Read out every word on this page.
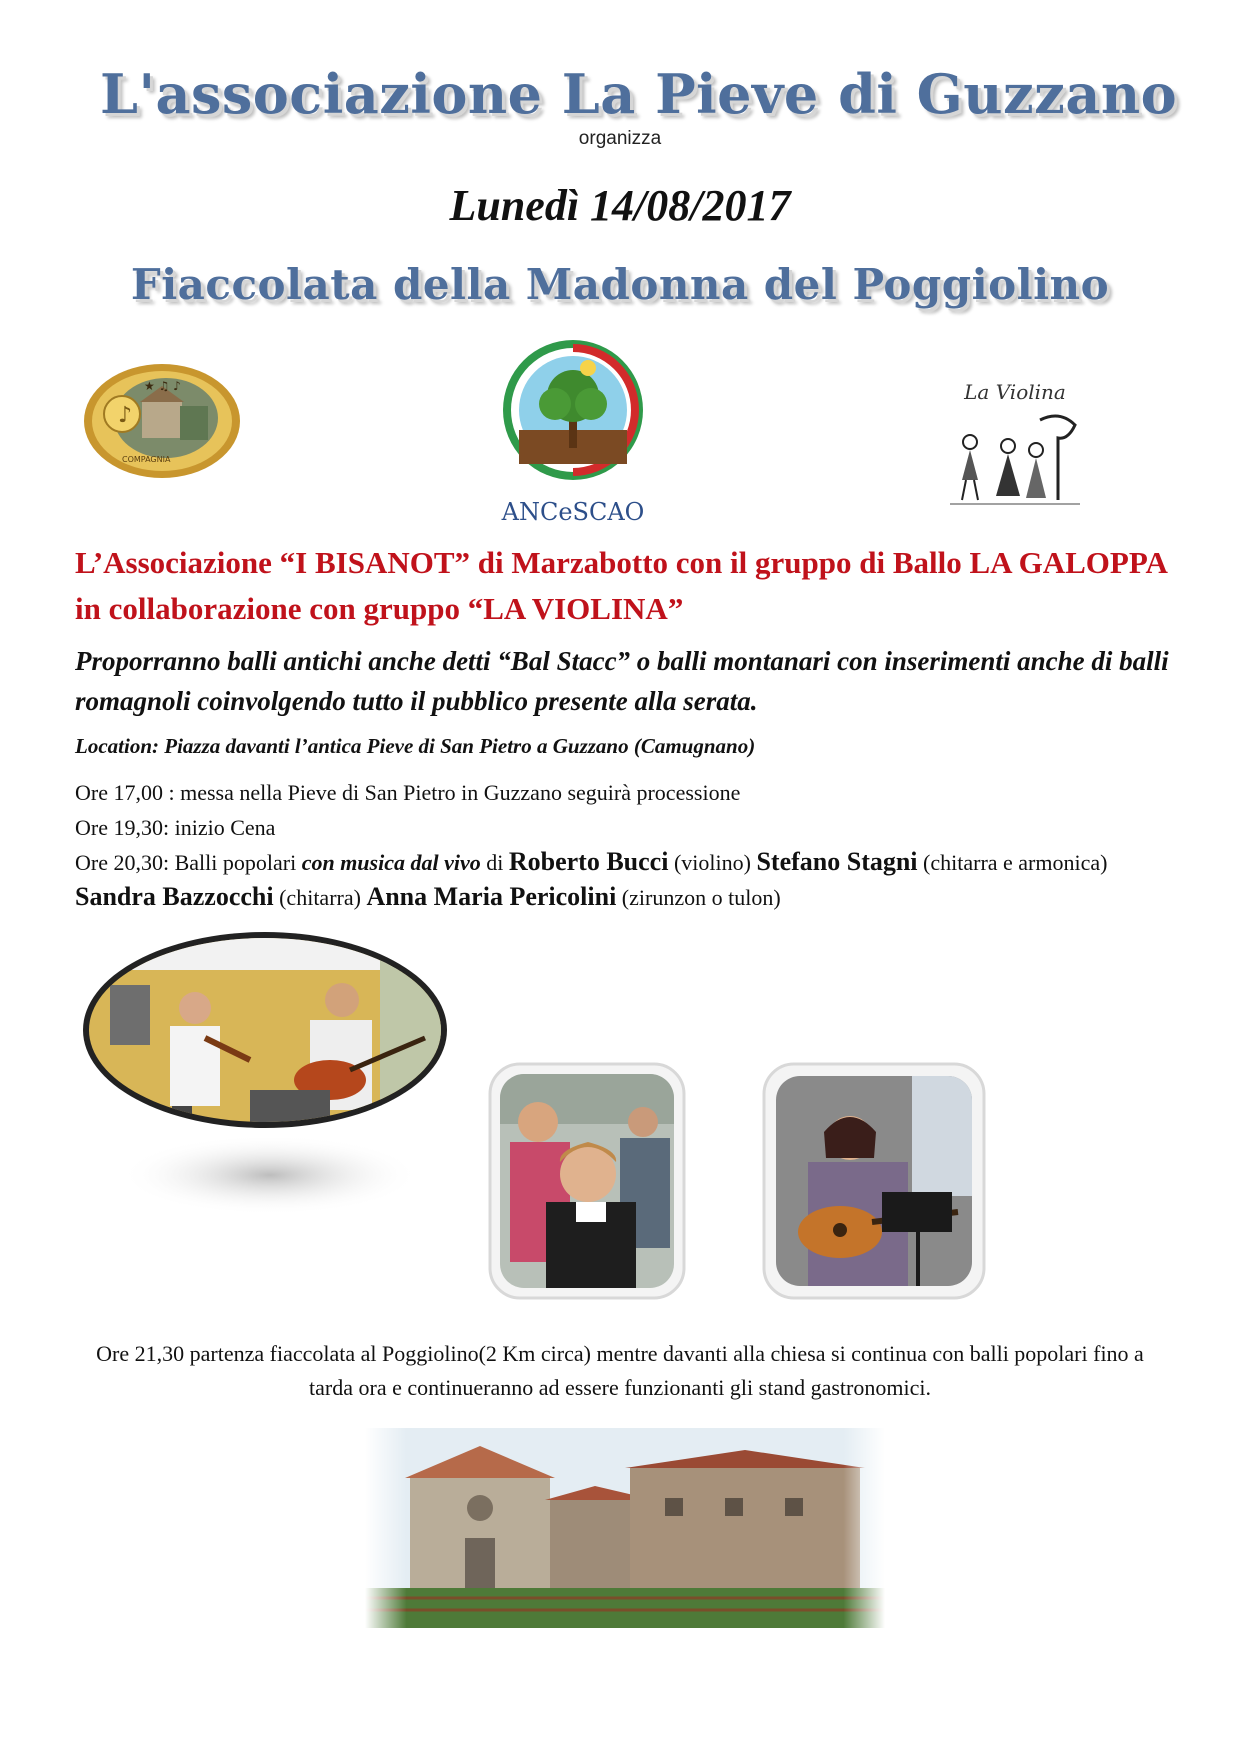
L'associazione La Pieve di Guzzano
organizza
Lunedì 14/08/2017
Fiaccolata della Madonna del Poggiolino
♪
★ ♫ ♪
COMPAGNIA
ANCeSCAO
La Violina
L’Associazione “I BISANOT” di Marzabotto con il gruppo di Ballo LA GALOPPA in collaborazione con gruppo “LA VIOLINA”
Proporranno balli antichi anche detti “Bal Stacc” o balli montanari con inserimenti anche di balli romagnoli coinvolgendo tutto il pubblico presente alla serata.
Location: Piazza davanti l’antica Pieve di San Pietro a Guzzano (Camugnano)
Ore 17,00 : messa nella Pieve di San Pietro in Guzzano seguirà processione
Ore 19,30: inizio Cena
Ore 20,30: Balli popolari con musica dal vivo di Roberto Bucci (violino) Stefano Stagni (chitarra e armonica) Sandra Bazzocchi (chitarra) Anna Maria Pericolini (zirunzon o tulon)
Ore 21,30 partenza fiaccolata al Poggiolino(2 Km circa) mentre davanti alla chiesa si continua con balli popolari fino a tarda ora e continueranno ad essere funzionanti gli stand gastronomici.
